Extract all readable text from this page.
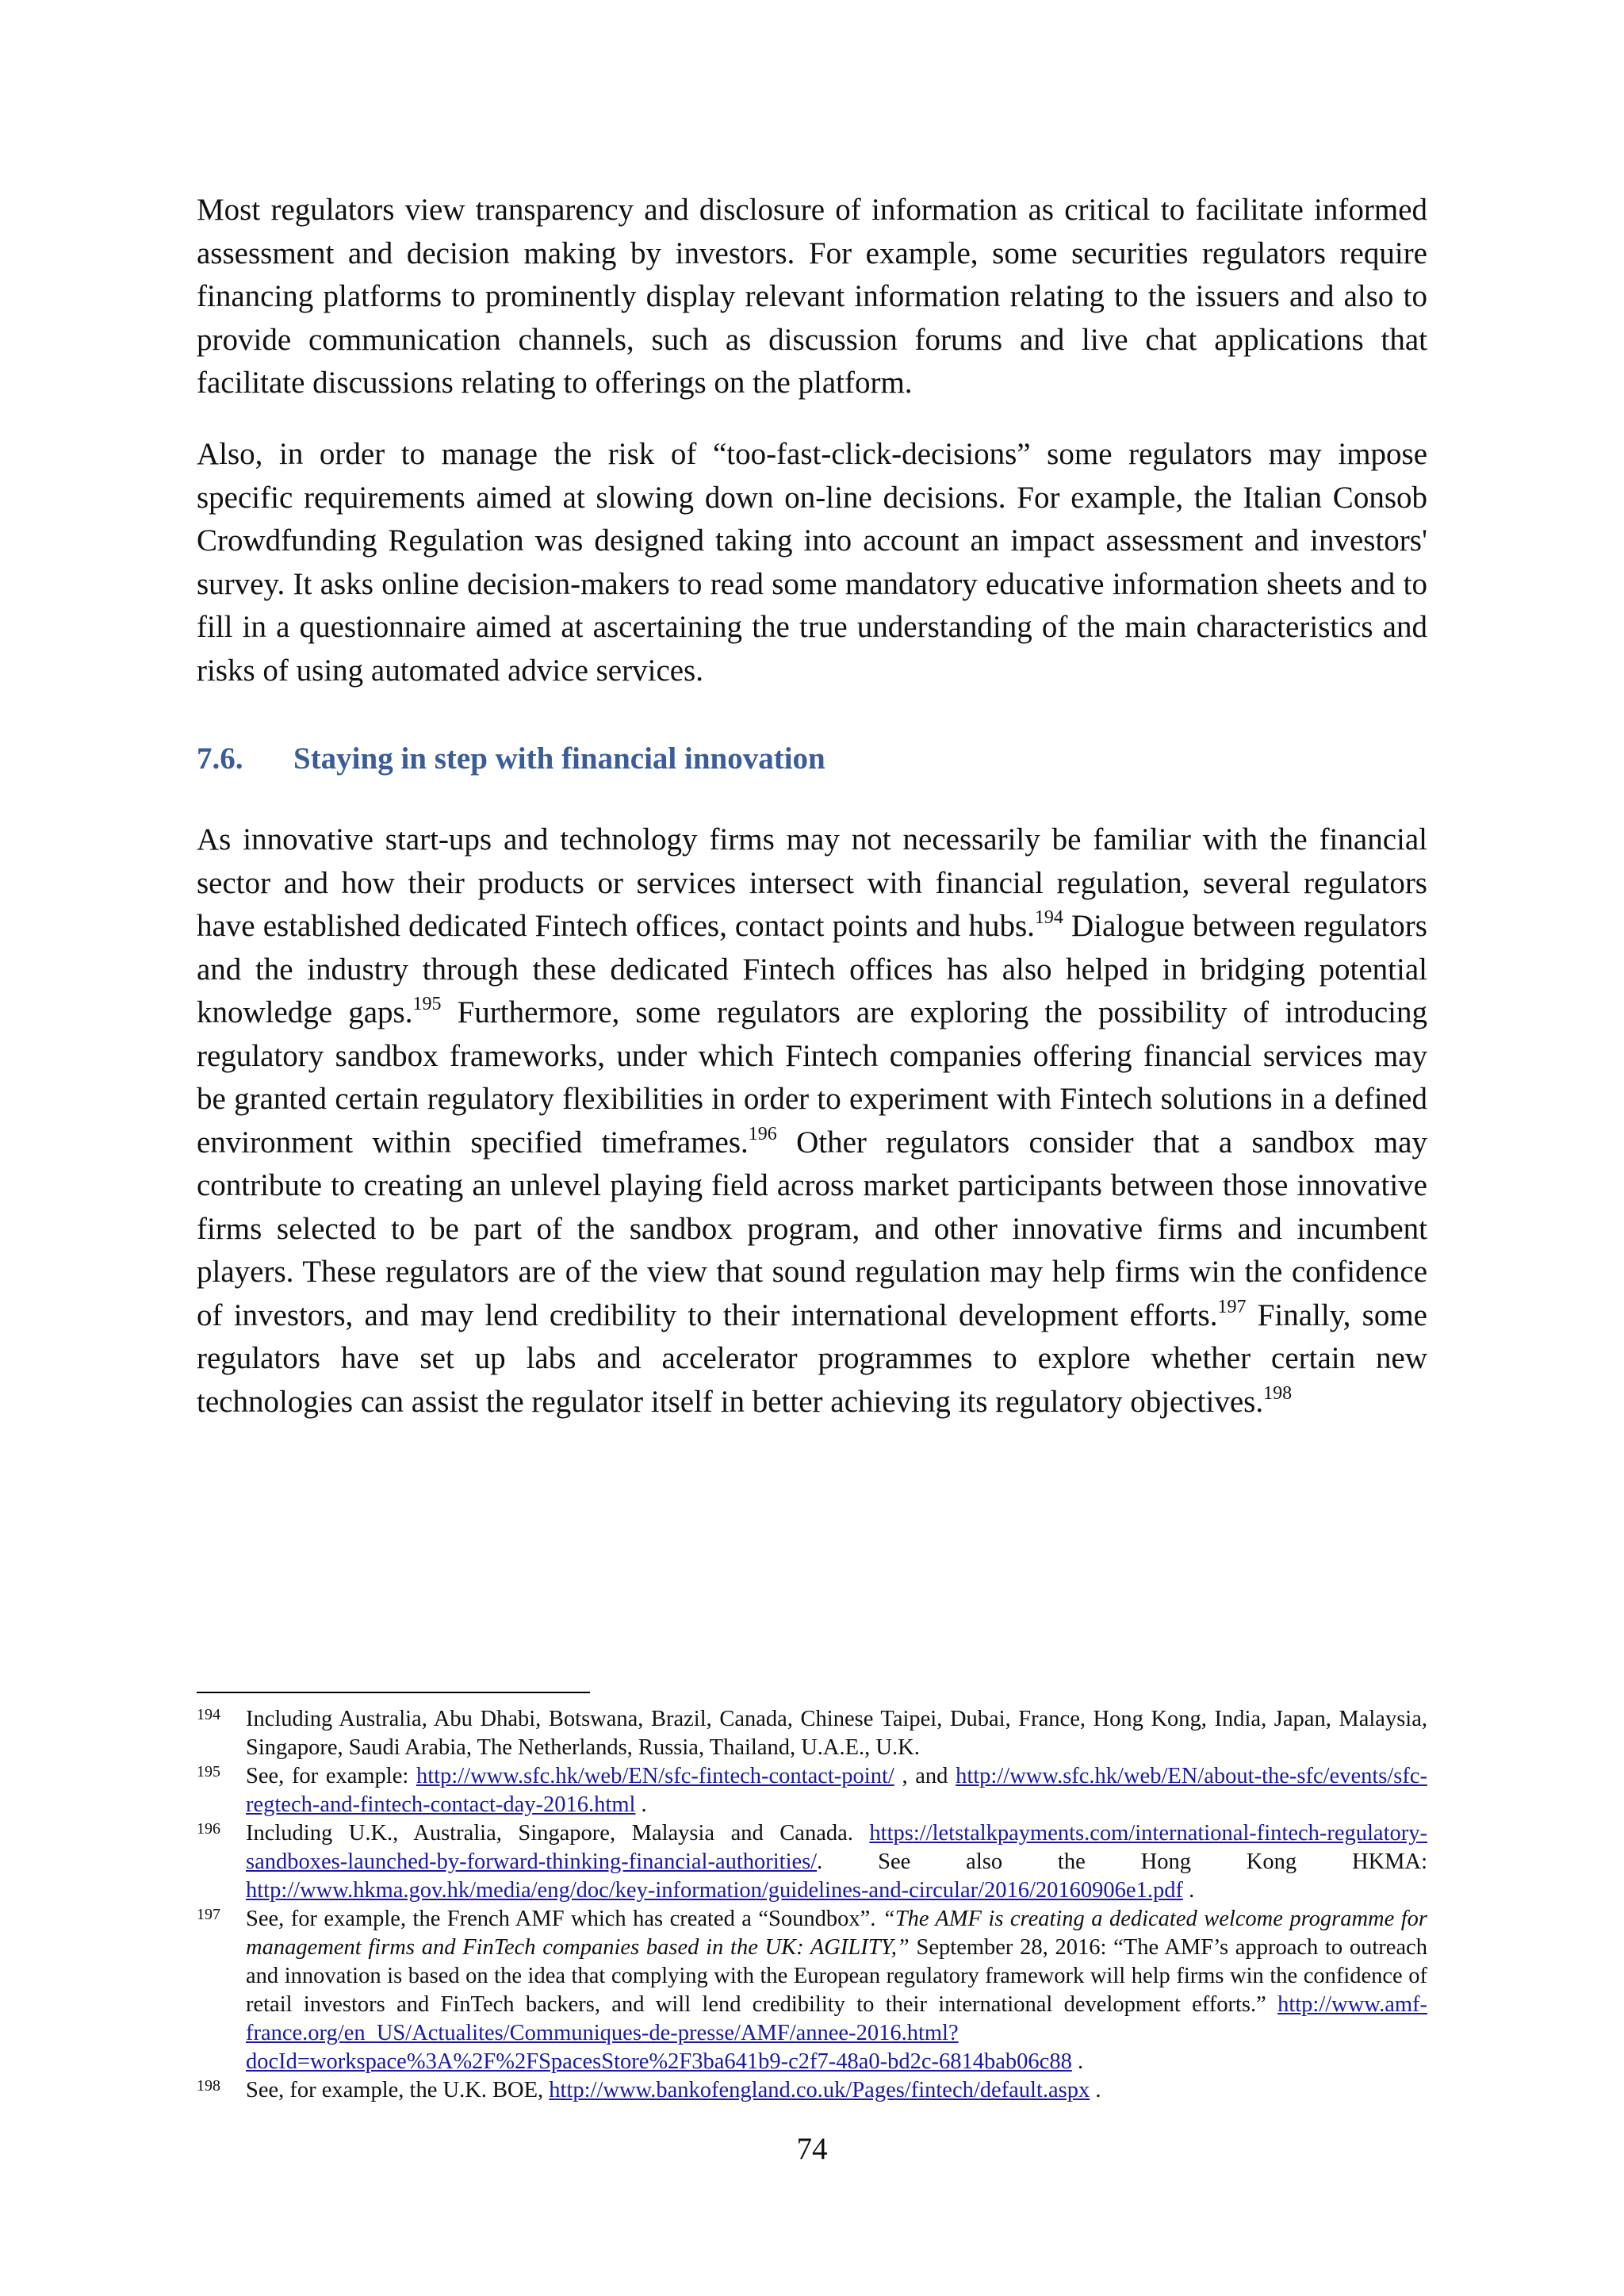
Most regulators view transparency and disclosure of information as critical to facilitate informed assessment and decision making by investors. For example, some securities regulators require financing platforms to prominently display relevant information relating to the issuers and also to provide communication channels, such as discussion forums and live chat applications that facilitate discussions relating to offerings on the platform.

Also, in order to manage the risk of “too-fast-click-decisions” some regulators may impose specific requirements aimed at slowing down on-line decisions. For example, the Italian Consob Crowdfunding Regulation was designed taking into account an impact assessment and investors' survey. It asks online decision-makers to read some mandatory educative information sheets and to fill in a questionnaire aimed at ascertaining the true understanding of the main characteristics and risks of using automated advice services.

7.6. Staying in step with financial innovation

As innovative start-ups and technology firms may not necessarily be familiar with the financial sector and how their products or services intersect with financial regulation, several regulators have established dedicated Fintech offices, contact points and hubs.$^{194}$ Dialogue between regulators and the industry through these dedicated Fintech offices has also helped in bridging potential knowledge gaps.$^{195}$ Furthermore, some regulators are exploring the possibility of introducing regulatory sandbox frameworks, under which Fintech companies offering financial services may be granted certain regulatory flexibilities in order to experiment with Fintech solutions in a defined environment within specified timeframes.$^{196}$ Other regulators consider that a sandbox may contribute to creating an unlevel playing field across market participants between those innovative firms selected to be part of the sandbox program, and other innovative firms and incumbent players. These regulators are of the view that sound regulation may help firms win the confidence of investors, and may lend credibility to their international development efforts.$^{197}$ Finally, some regulators have set up labs and accelerator programmes to explore whether certain new technologies can assist the regulator itself in better achieving its regulatory objectives.$^{198}$

194 Including Australia, Abu Dhabi, Botswana, Brazil, Canada, Chinese Taipei, Dubai, France, Hong Kong, India, Japan, Malaysia, Singapore, Saudi Arabia, The Netherlands, Russia, Thailand, U.A.E., U.K.

195 See, for example: http://www.sfc.hk/web/EN/sfc-fintech-contact-point/ , and http://www.sfc.hk/web/EN/about-the-sfc/events/sfc-regtech-and-fintech-contact-day-2016.html .

196 Including U.K., Australia, Singapore, Malaysia and Canada. https://letstalkpayments.com/international-fintech-regulatory-sandboxes-launched-by-forward-thinking-financial-authorities/. See also the Hong Kong HKMA: http://www.hkma.gov.hk/media/eng/doc/key-information/guidelines-and-circular/2016/20160906e1.pdf .

197 See, for example, the French AMF which has created a “Soundbox”. “The AMF is creating a dedicated welcome programme for management firms and FinTech companies based in the UK: AGILITY,” September 28, 2016: “The AMF’s approach to outreach and innovation is based on the idea that complying with the European regulatory framework will help firms win the confidence of retail investors and FinTech backers, and will lend credibility to their international development efforts.” http://www.amf-france.org/en_US/Actualites/Communiques-de-presse/AMF/annee-2016.html?docId=workspace%3A%2F%2FSpacesStore%2F3ba641b9-c2f7-48a0-bd2c-6814bab06c88 .

198 See, for example, the U.K. BOE, http://www.bankofengland.co.uk/Pages/fintech/default.aspx .

74
